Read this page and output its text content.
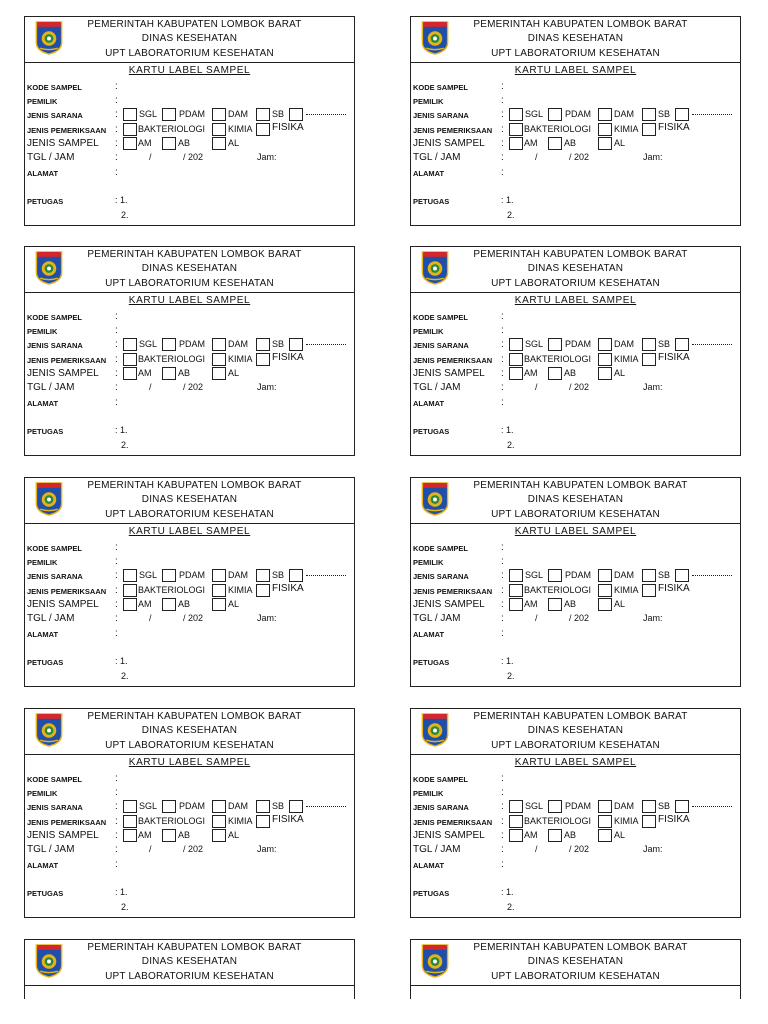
PEMERINTAH KABUPATEN LOMBOK BARAT
DINAS KESEHATAN
UPT LABORATORIUM KESEHATAN
KARTU LABEL SAMPEL
KODE SAMPEL	:
PEMILIK	:
JENIS SARANA	: SGL PDAM	DAM	SB
JENIS PEMERIKSAAN : BAKTERIOLOGI	KIMIA FISIKA
JENIS SAMPEL : AM	AB	AL
TGL / JAM	:	/	/ 202	Jam:
ALAMAT	:
PETUGAS	: 1.
2.
PEMERINTAH KABUPATEN LOMBOK BARAT
DINAS KESEHATAN
UPT LABORATORIUM KESEHATAN
KARTU LABEL SAMPEL
KODE SAMPEL	:
PEMILIK	:
JENIS SARANA	: SGL PDAM	DAM	SB
JENIS PEMERIKSAAN : BAKTERIOLOGI	KIMIA FISIKA
JENIS SAMPEL : AM	AB	AL
TGL / JAM	:	/	/ 202	Jam:
ALAMAT	:
PETUGAS	: 1.
2.
PEMERINTAH KABUPATEN LOMBOK BARAT
DINAS KESEHATAN
UPT LABORATORIUM KESEHATAN
KARTU LABEL SAMPEL
KODE SAMPEL	:
PEMILIK	:
JENIS SARANA	: SGL PDAM	DAM	SB
JENIS PEMERIKSAAN : BAKTERIOLOGI	KIMIA FISIKA
JENIS SAMPEL : AM	AB	AL
TGL / JAM	:	/	/ 202	Jam:
ALAMAT	:
PETUGAS	: 1.
2.
PEMERINTAH KABUPATEN LOMBOK BARAT
DINAS KESEHATAN
UPT LABORATORIUM KESEHATAN
KARTU LABEL SAMPEL
KODE SAMPEL	:
PEMILIK	:
JENIS SARANA	: SGL PDAM	DAM	SB
JENIS PEMERIKSAAN : BAKTERIOLOGI	KIMIA FISIKA
JENIS SAMPEL : AM	AB	AL
TGL / JAM	:	/	/ 202	Jam:
ALAMAT	:
PETUGAS	: 1.
2.
PEMERINTAH KABUPATEN LOMBOK BARAT
DINAS KESEHATAN
UPT LABORATORIUM KESEHATAN
KARTU LABEL SAMPEL
KODE SAMPEL	:
PEMILIK	:
JENIS SARANA	: SGL PDAM	DAM	SB
JENIS PEMERIKSAAN : BAKTERIOLOGI	KIMIA FISIKA
JENIS SAMPEL : AM	AB	AL
TGL / JAM	:	/	/ 202	Jam:
ALAMAT	:
PETUGAS	: 1.
2.
PEMERINTAH KABUPATEN LOMBOK BARAT
DINAS KESEHATAN
UPT LABORATORIUM KESEHATAN
KARTU LABEL SAMPEL
KODE SAMPEL	:
PEMILIK	:
JENIS SARANA	: SGL PDAM	DAM	SB
JENIS PEMERIKSAAN : BAKTERIOLOGI	KIMIA FISIKA
JENIS SAMPEL : AM	AB	AL
TGL / JAM	:	/	/ 202	Jam:
ALAMAT	:
PETUGAS	: 1.
2.
PEMERINTAH KABUPATEN LOMBOK BARAT
DINAS KESEHATAN
UPT LABORATORIUM KESEHATAN
KARTU LABEL SAMPEL
KODE SAMPEL	:
PEMILIK	:
JENIS SARANA	: SGL PDAM	DAM	SB
JENIS PEMERIKSAAN : BAKTERIOLOGI	KIMIA FISIKA
JENIS SAMPEL : AM	AB	AL
TGL / JAM	:	/	/ 202	Jam:
ALAMAT	:
PETUGAS	: 1.
2.
PEMERINTAH KABUPATEN LOMBOK BARAT
DINAS KESEHATAN
UPT LABORATORIUM KESEHATAN
KARTU LABEL SAMPEL
KODE SAMPEL	:
PEMILIK	:
JENIS SARANA	: SGL PDAM	DAM	SB
JENIS PEMERIKSAAN : BAKTERIOLOGI	KIMIA FISIKA
JENIS SAMPEL : AM	AB	AL
TGL / JAM	:	/	/ 202	Jam:
ALAMAT	:
PETUGAS	: 1.
2.
PEMERINTAH KABUPATEN LOMBOK BARAT
DINAS KESEHATAN
UPT LABORATORIUM KESEHATAN
PEMERINTAH KABUPATEN LOMBOK BARAT
DINAS KESEHATAN
UPT LABORATORIUM KESEHATAN
